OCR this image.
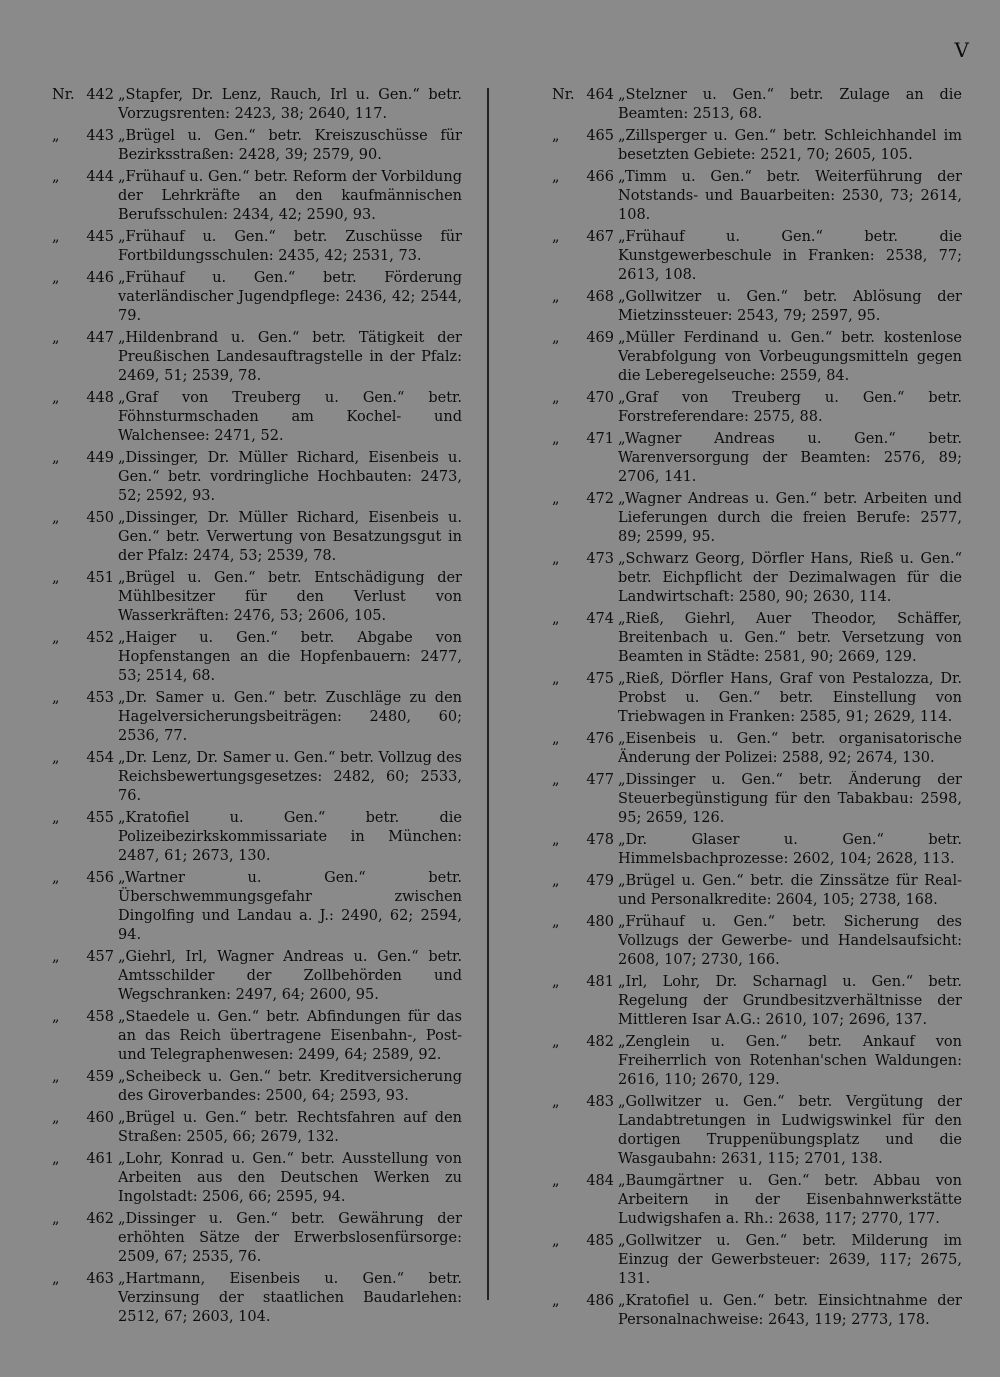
V
Nr. 442 „Stapfer, Dr. Lenz, Rauch, Irl u. Gen.“ betr. Vorzugsrenten: 2423, 38; 2640, 117.
„ 443 „Brügel u. Gen.“ betr. Kreiszuschüsse für Bezirksstraßen: 2428, 39; 2579, 90.
„ 444 „Frühauf u. Gen.“ betr. Reform der Vorbildung der Lehrkräfte an den kaufmännischen Berufsschulen: 2434, 42; 2590, 93.
„ 445 „Frühauf u. Gen.“ betr. Zuschüsse für Fortbildungsschulen: 2435, 42; 2531, 73.
„ 446 „Frühauf u. Gen.“ betr. Förderung vaterländischer Jugendpflege: 2436, 42; 2544, 79.
„ 447 „Hildenbrand u. Gen.“ betr. Tätigkeit der Preußischen Landesauftragstelle in der Pfalz: 2469, 51; 2539, 78.
„ 448 „Graf von Treuberg u. Gen.“ betr. Föhnsturmschaden am Kochel- und Walchensee: 2471, 52.
„ 449 „Dissinger, Dr. Müller Richard, Eisenbeis u. Gen.“ betr. vordringliche Hochbauten: 2473, 52; 2592, 93.
„ 450 „Dissinger, Dr. Müller Richard, Eisenbeis u. Gen.“ betr. Verwertung von Besatzungsgut in der Pfalz: 2474, 53; 2539, 78.
„ 451 „Brügel u. Gen.“ betr. Entschädigung der Mühlbesitzer für den Verlust von Wasserkräften: 2476, 53; 2606, 105.
„ 452 „Haiger u. Gen.“ betr. Abgabe von Hopfenstangen an die Hopfenbauern: 2477, 53; 2514, 68.
„ 453 „Dr. Samer u. Gen.“ betr. Zuschläge zu den Hagelversicherungsbeiträgen: 2480, 60; 2536, 77.
„ 454 „Dr. Lenz, Dr. Samer u. Gen.“ betr. Vollzug des Reichsbewertungsgesetzes: 2482, 60; 2533, 76.
„ 455 „Kratofiel u. Gen.“ betr. die Polizeibezirkskommissariate in München: 2487, 61; 2673, 130.
„ 456 „Wartner u. Gen.“ betr. Überschwemmungsgefahr zwischen Dingolfing und Landau a. J.: 2490, 62; 2594, 94.
„ 457 „Giehrl, Irl, Wagner Andreas u. Gen.“ betr. Amtsschilder der Zollbehörden und Wegschranken: 2497, 64; 2600, 95.
„ 458 „Staedele u. Gen.“ betr. Abfindungen für das an das Reich übertragene Eisenbahn-, Post- und Telegraphenwesen: 2499, 64; 2589, 92.
„ 459 „Scheibeck u. Gen.“ betr. Kreditversicherung des Giroverbandes: 2500, 64; 2593, 93.
„ 460 „Brügel u. Gen.“ betr. Rechtsfahren auf den Straßen: 2505, 66; 2679, 132.
„ 461 „Lohr, Konrad u. Gen.“ betr. Ausstellung von Arbeiten aus den Deutschen Werken zu Ingolstadt: 2506, 66; 2595, 94.
„ 462 „Dissinger u. Gen.“ betr. Gewährung der erhöhten Sätze der Erwerbslosenfürsorge: 2509, 67; 2535, 76.
„ 463 „Hartmann, Eisenbeis u. Gen.“ betr. Verzinsung der staatlichen Baudarlehen: 2512, 67; 2603, 104.
Nr. 464 „Stelzner u. Gen.“ betr. Zulage an die Beamten: 2513, 68.
„ 465 „Zillsperger u. Gen.“ betr. Schleichhandel im besetzten Gebiete: 2521, 70; 2605, 105.
„ 466 „Timm u. Gen.“ betr. Weiterführung der Notstands- und Bauarbeiten: 2530, 73; 2614, 108.
„ 467 „Frühauf u. Gen.“ betr. die Kunstgewerbeschule in Franken: 2538, 77; 2613, 108.
„ 468 „Gollwitzer u. Gen.“ betr. Ablösung der Mietzinssteuer: 2543, 79; 2597, 95.
„ 469 „Müller Ferdinand u. Gen.“ betr. kostenlose Verabfolgung von Vorbeugungsmitteln gegen die Leberegelseuche: 2559, 84.
„ 470 „Graf von Treuberg u. Gen.“ betr. Forstreferendare: 2575, 88.
„ 471 „Wagner Andreas u. Gen.“ betr. Warenversorgung der Beamten: 2576, 89; 2706, 141.
„ 472 „Wagner Andreas u. Gen.“ betr. Arbeiten und Lieferungen durch die freien Berufe: 2577, 89; 2599, 95.
„ 473 „Schwarz Georg, Dörfler Hans, Rieß u. Gen.“ betr. Eichpflicht der Dezimalwagen für die Landwirtschaft: 2580, 90; 2630, 114.
„ 474 „Rieß, Giehrl, Auer Theodor, Schäffer, Breitenbach u. Gen.“ betr. Versetzung von Beamten in Städte: 2581, 90; 2669, 129.
„ 475 „Rieß, Dörfler Hans, Graf von Pestalozza, Dr. Probst u. Gen.“ betr. Einstellung von Triebwagen in Franken: 2585, 91; 2629, 114.
„ 476 „Eisenbeis u. Gen.“ betr. organisatorische Änderung der Polizei: 2588, 92; 2674, 130.
„ 477 „Dissinger u. Gen.“ betr. Änderung der Steuerbegünstigung für den Tabakbau: 2598, 95; 2659, 126.
„ 478 „Dr. Glaser u. Gen.“ betr. Himmelsbachprozesse: 2602, 104; 2628, 113.
„ 479 „Brügel u. Gen.“ betr. die Zinssätze für Real- und Personalkredite: 2604, 105; 2738, 168.
„ 480 „Frühauf u. Gen.“ betr. Sicherung des Vollzugs der Gewerbe- und Handelsaufsicht: 2608, 107; 2730, 166.
„ 481 „Irl, Lohr, Dr. Scharnagl u. Gen.“ betr. Regelung der Grundbesitzverhältnisse der Mittleren Isar A.G.: 2610, 107; 2696, 137.
„ 482 „Zenglein u. Gen.“ betr. Ankauf von Freiherrlich von Rotenhan'schen Waldungen: 2616, 110; 2670, 129.
„ 483 „Gollwitzer u. Gen.“ betr. Vergütung der Landabtretungen in Ludwigswinkel für den dortigen Truppenübungsplatz und die Wasgaubahn: 2631, 115; 2701, 138.
„ 484 „Baumgärtner u. Gen.“ betr. Abbau von Arbeitern in der Eisenbahnwerkstätte Ludwigshafen a. Rh.: 2638, 117; 2770, 177.
„ 485 „Gollwitzer u. Gen.“ betr. Milderung im Einzug der Gewerbsteuer: 2639, 117; 2675, 131.
„ 486 „Kratofiel u. Gen.“ betr. Einsichtnahme der Personalnachweise: 2643, 119; 2773, 178.
